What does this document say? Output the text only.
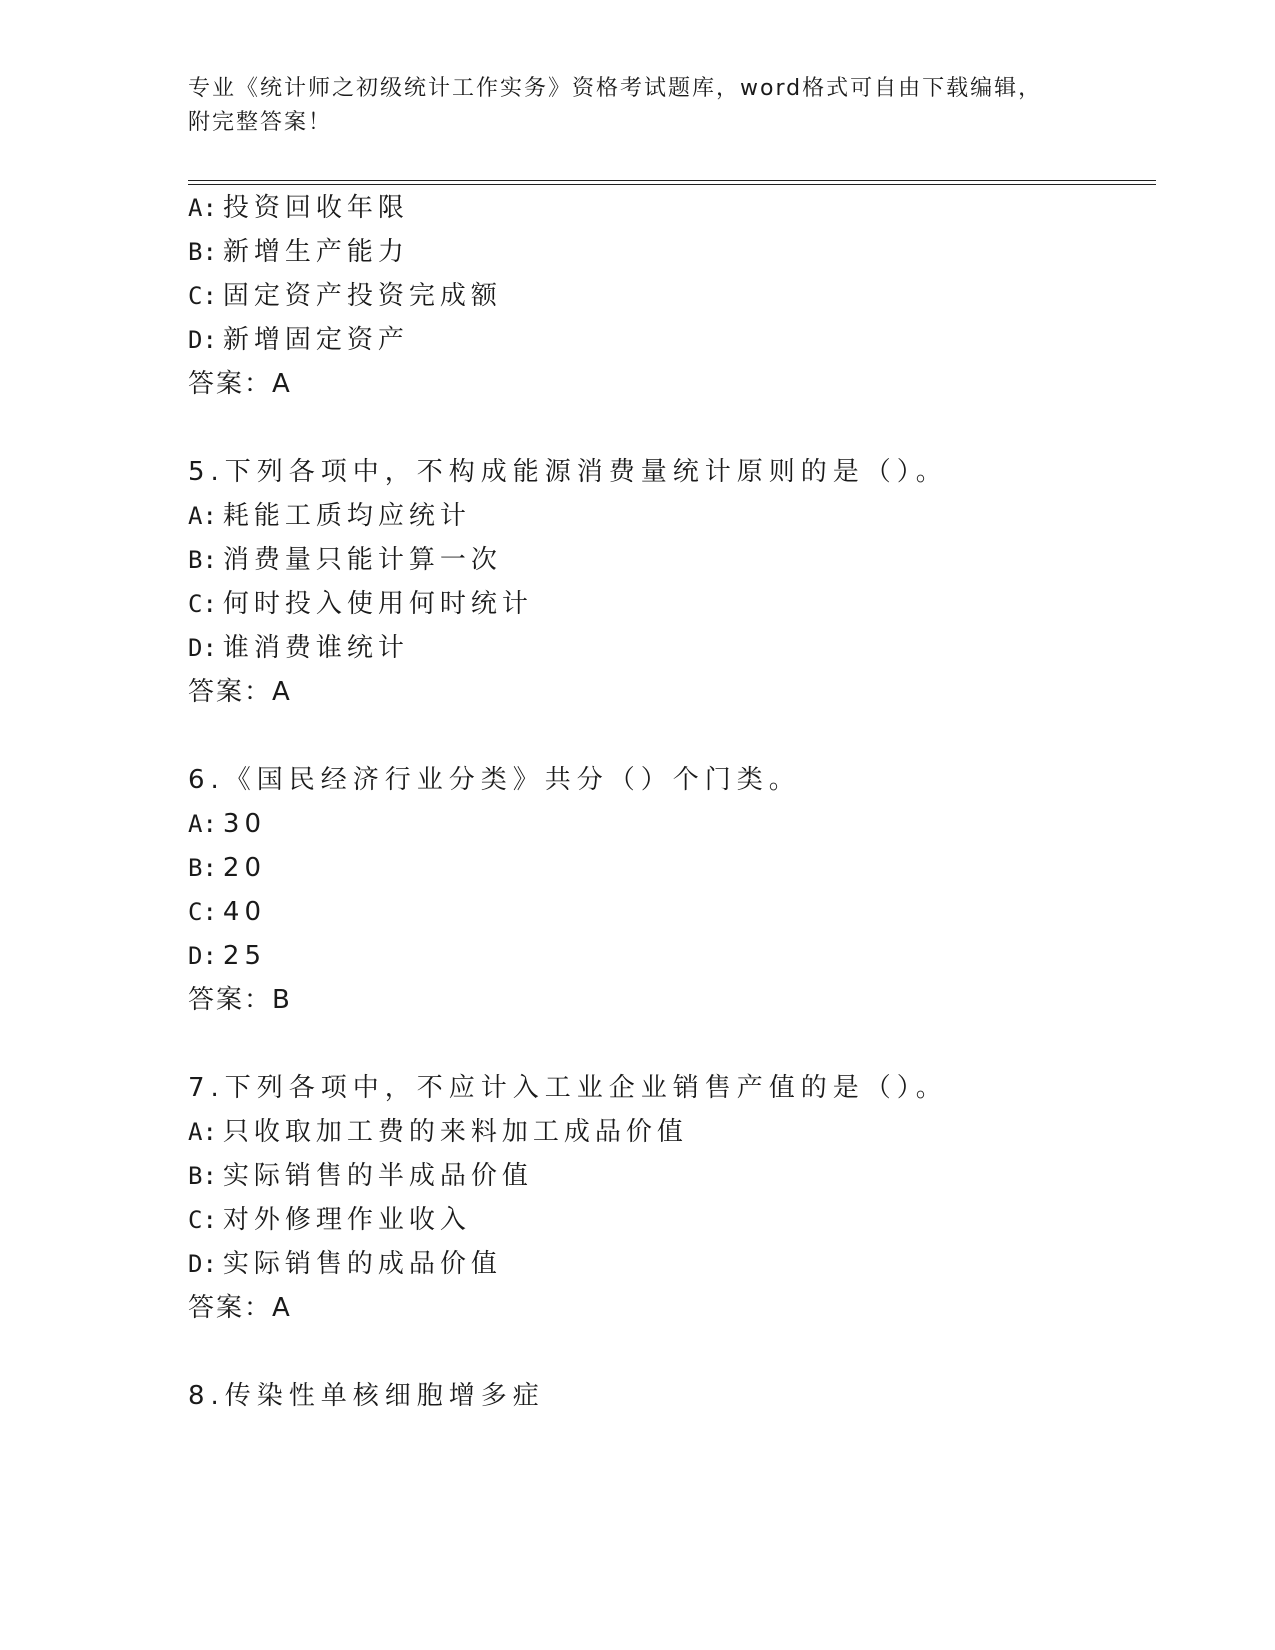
专业《统计师之初级统计工作实务》资格考试题库，word格式可自由下载编辑，
附完整答案！
A: 投资回收年限
B: 新增生产能力
C: 固定资产投资完成额
D: 新增固定资产
答案：A
5.下列各项中，不构成能源消费量统计原则的是（）。
A: 耗能工质均应统计
B: 消费量只能计算一次
C: 何时投入使用何时统计
D: 谁消费谁统计
答案：A
6.《国民经济行业分类》共分（）个门类。
A: 30
B: 20
C: 40
D: 25
答案：B
7.下列各项中，不应计入工业企业销售产值的是（）。
A: 只收取加工费的来料加工成品价值
B: 实际销售的半成品价值
C: 对外修理作业收入
D: 实际销售的成品价值
答案：A
8.传染性单核细胞增多症
